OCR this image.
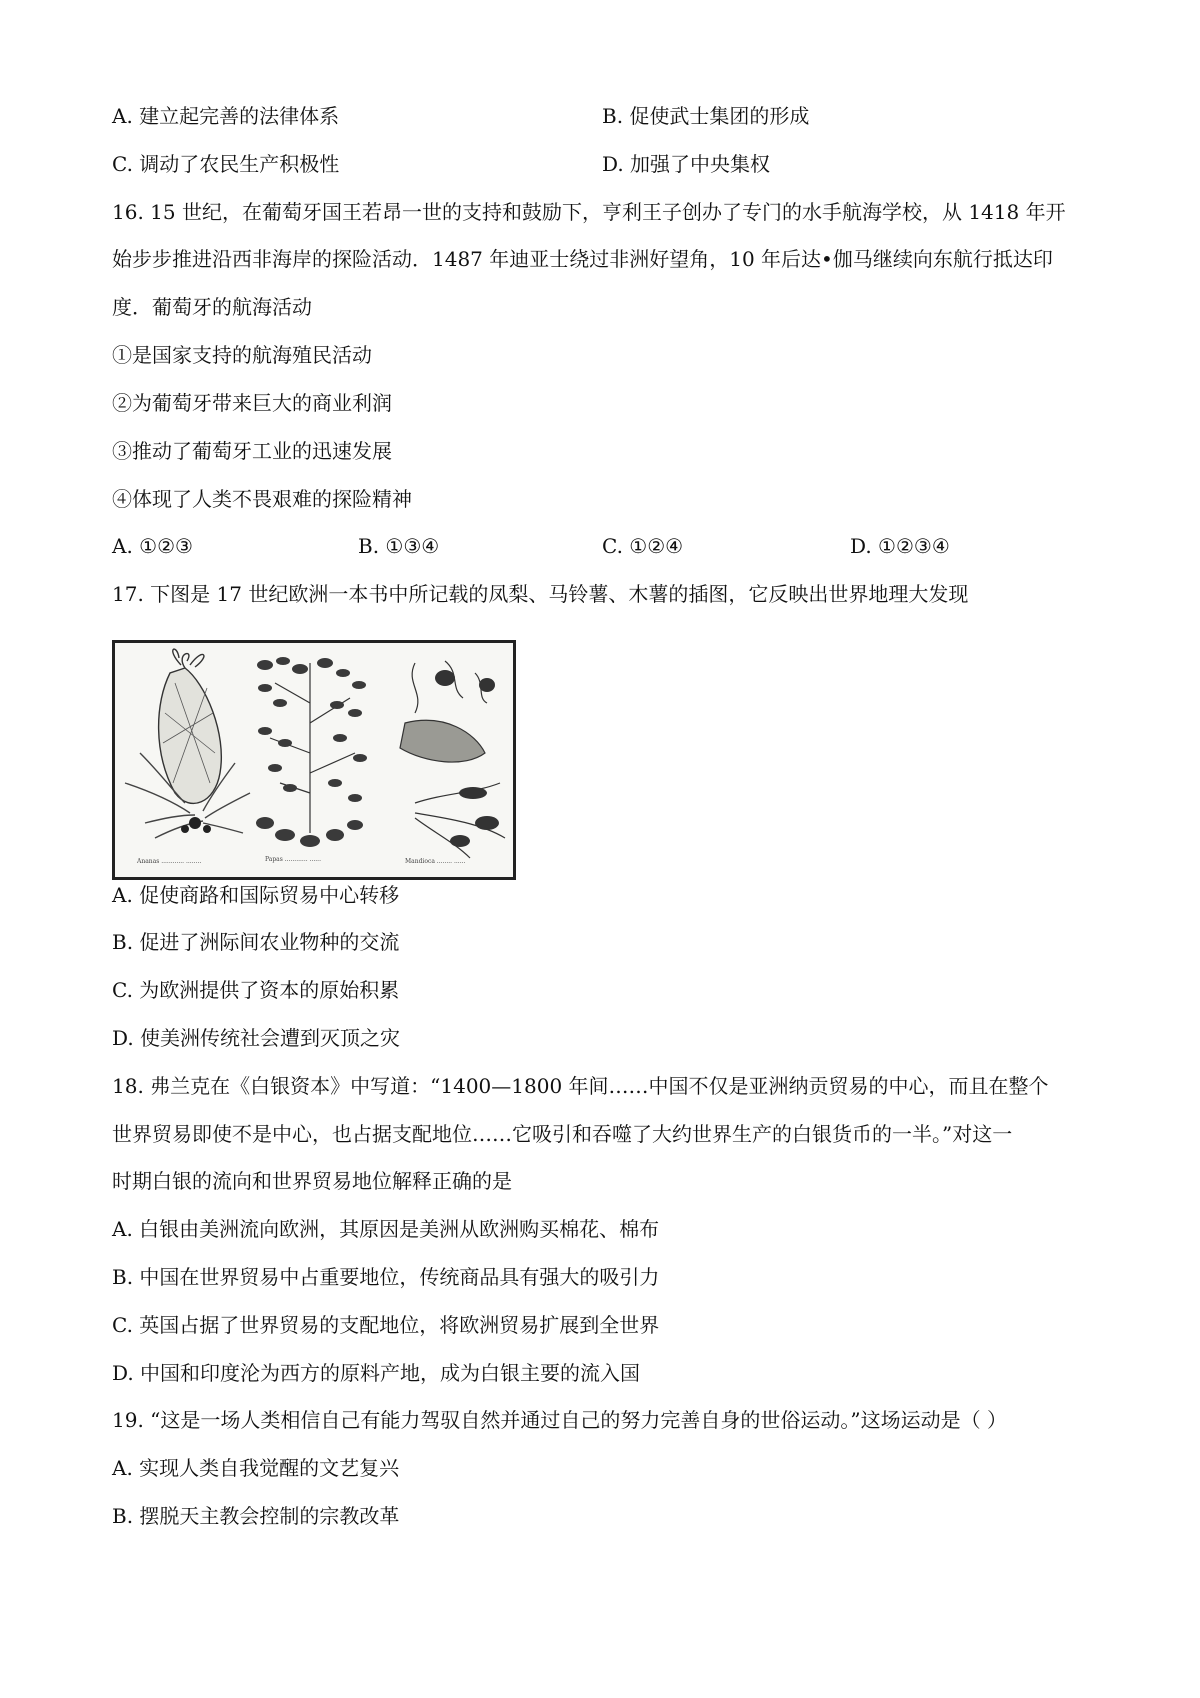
A. 建立起完善的法律体系	B. 促使武士集团的形成
C. 调动了农民生产积极性	D. 加强了中央集权
16. 15 世纪，在葡萄牙国王若昂一世的支持和鼓励下，亨利王子创办了专门的水手航海学校，从 1418 年开
始步步推进沿西非海岸的探险活动．1487 年迪亚士绕过非洲好望角，10 年后达•伽马继续向东航行抵达印
度．葡萄牙的航海活动
①是国家支持的航海殖民活动
②为葡萄牙带来巨大的商业利润
③推动了葡萄牙工业的迅速发展
④体现了人类不畏艰难的探险精神
A. ①②③	B. ①③④	C. ①②④	D. ①②③④
17. 下图是 17 世纪欧洲一本书中所记载的凤梨、马铃薯、木薯的插图，它反映出世界地理大发现
Ananas ............ ........	Papas ............ ......	Mandioca ........ ......
A. 促使商路和国际贸易中心转移
B. 促进了洲际间农业物种的交流
C. 为欧洲提供了资本的原始积累
D. 使美洲传统社会遭到灭顶之灾
18. 弗兰克在《白银资本》中写道：“1400—1800 年间……中国不仅是亚洲纳贡贸易的中心，而且在整个
世界贸易即使不是中心，也占据支配地位……它吸引和吞噬了大约世界生产的白银货币的一半。”对这一
时期白银的流向和世界贸易地位解释正确的是
A. 白银由美洲流向欧洲，其原因是美洲从欧洲购买棉花、棉布
B. 中国在世界贸易中占重要地位，传统商品具有强大的吸引力
C. 英国占据了世界贸易的支配地位，将欧洲贸易扩展到全世界
D. 中国和印度沦为西方的原料产地，成为白银主要的流入国
19. “这是一场人类相信自己有能力驾驭自然并通过自己的努力完善自身的世俗运动。”这场运动是（ ）
A. 实现人类自我觉醒的文艺复兴
B. 摆脱天主教会控制的宗教改革
